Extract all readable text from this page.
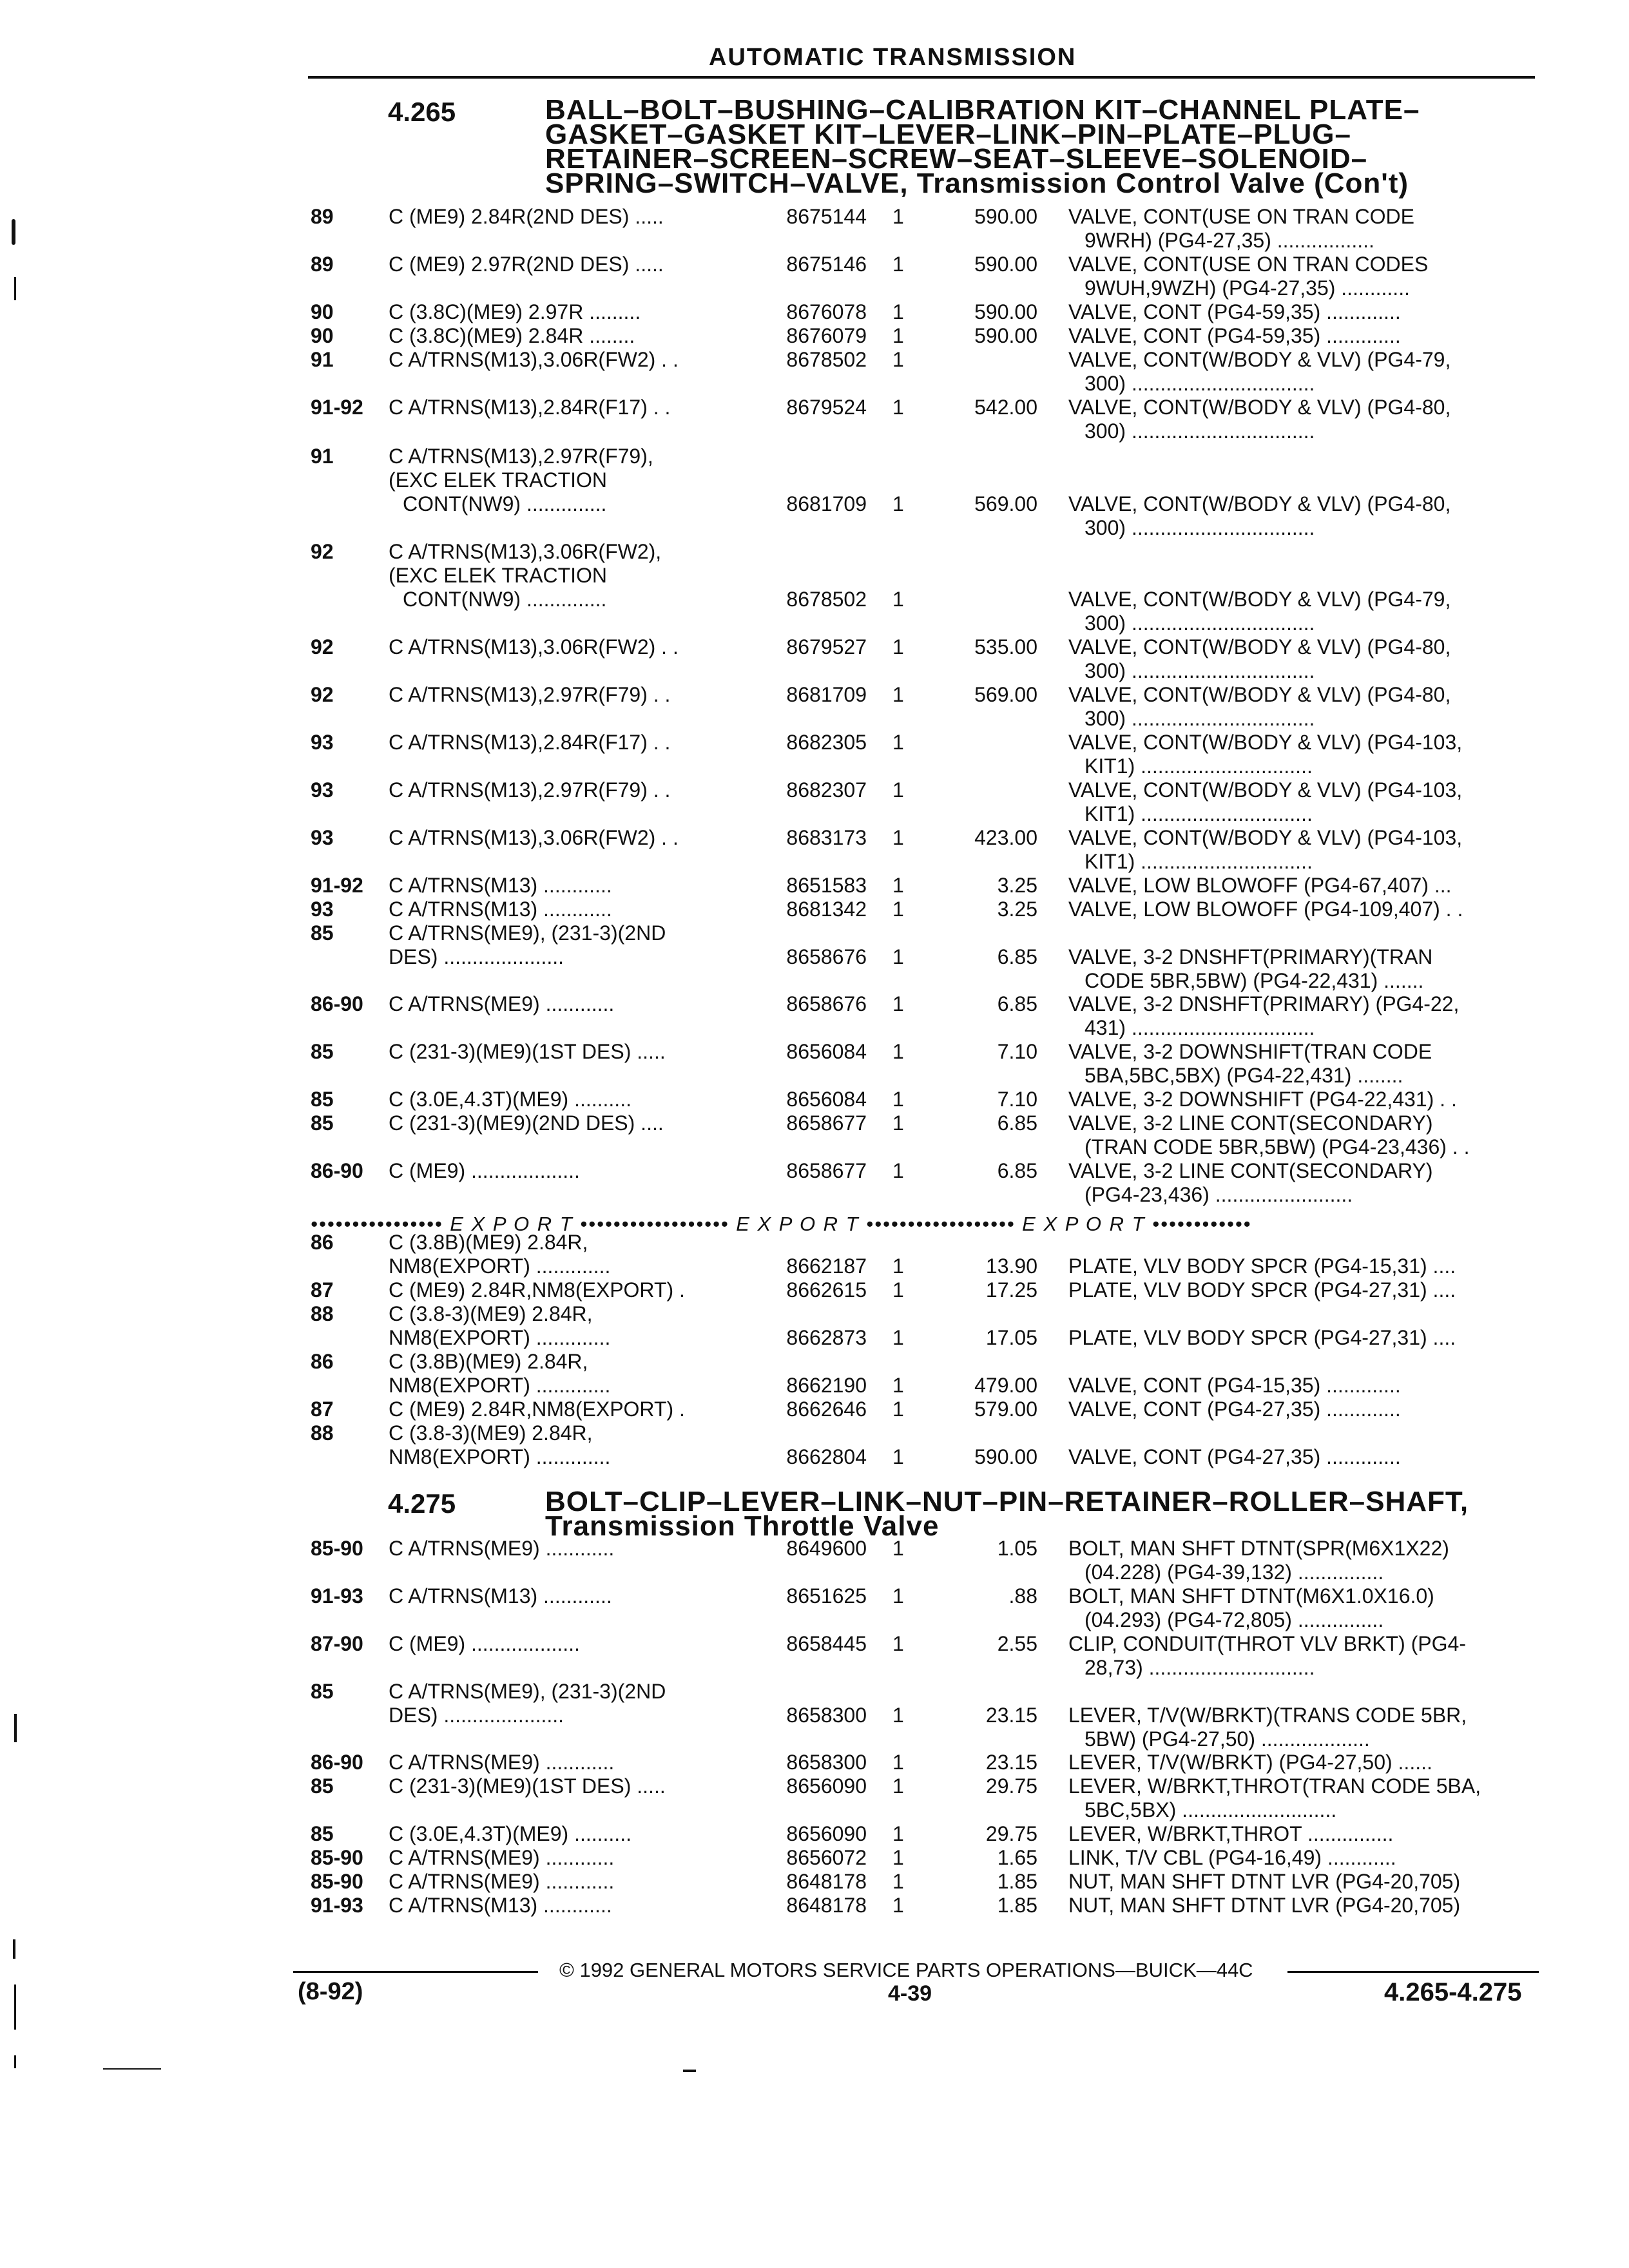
AUTOMATIC TRANSMISSION
4.265	BALL–BOLT–BUSHING–CALIBRATION KIT–CHANNEL PLATE–
GASKET–GASKET KIT–LEVER–LINK–PIN–PLATE–PLUG–
RETAINER–SCREEN–SCREW–SEAT–SLEEVE–SOLENOID–
SPRING–SWITCH–VALVE, Transmission Control Valve (Con't)
89	C (ME9) 2.84R(2ND DES) .....	8675144 1	590.00 VALVE, CONT(USE ON TRAN CODE
9WRH) (PG4-27,35) .................
89	C (ME9) 2.97R(2ND DES) .....	8675146 1	590.00 VALVE, CONT(USE ON TRAN CODES
9WUH,9WZH) (PG4-27,35) ............
90	C (3.8C)(ME9) 2.97R .........	8676078 1	590.00 VALVE, CONT (PG4-59,35) .............
90	C (3.8C)(ME9) 2.84R ........	8676079 1	590.00 VALVE, CONT (PG4-59,35) .............
91	C A/TRNS(M13),3.06R(FW2) . .	8678502 1	VALVE, CONT(W/BODY & VLV) (PG4-79,
300) ................................
91-92 C A/TRNS(M13),2.84R(F17) . .	8679524 1	542.00 VALVE, CONT(W/BODY & VLV) (PG4-80,
300) ................................
91	C A/TRNS(M13),2.97R(F79),
(EXC ELEK TRACTION
CONT(NW9) ..............	8681709 1	569.00 VALVE, CONT(W/BODY & VLV) (PG4-80,
300) ................................
92	C A/TRNS(M13),3.06R(FW2),
(EXC ELEK TRACTION
CONT(NW9) ..............	8678502 1	VALVE, CONT(W/BODY & VLV) (PG4-79,
300) ................................
92	C A/TRNS(M13),3.06R(FW2) . .	8679527 1	535.00 VALVE, CONT(W/BODY & VLV) (PG4-80,
300) ................................
92	C A/TRNS(M13),2.97R(F79) . .	8681709 1	569.00 VALVE, CONT(W/BODY & VLV) (PG4-80,
300) ................................
93	C A/TRNS(M13),2.84R(F17) . .	8682305 1	VALVE, CONT(W/BODY & VLV) (PG4-103,
KIT1) ..............................
93	C A/TRNS(M13),2.97R(F79) . .	8682307 1	VALVE, CONT(W/BODY & VLV) (PG4-103,
KIT1) ..............................
93	C A/TRNS(M13),3.06R(FW2) . .	8683173 1	423.00 VALVE, CONT(W/BODY & VLV) (PG4-103,
KIT1) ..............................
91-92 C A/TRNS(M13) ............	8651583 1	3.25 VALVE, LOW BLOWOFF (PG4-67,407) ...
93	C A/TRNS(M13) ............	8681342 1	3.25 VALVE, LOW BLOWOFF (PG4-109,407) . .
85	C A/TRNS(ME9), (231-3)(2ND
DES) .....................	8658676 1	6.85 VALVE, 3-2 DNSHFT(PRIMARY)(TRAN
CODE 5BR,5BW) (PG4-22,431) .......
86-90 C A/TRNS(ME9) ............	8658676 1	6.85 VALVE, 3-2 DNSHFT(PRIMARY) (PG4-22,
431) ................................
85	C (231-3)(ME9)(1ST DES) .....	8656084 1	7.10 VALVE, 3-2 DOWNSHIFT(TRAN CODE
5BA,5BC,5BX) (PG4-22,431) ........
85	C (3.0E,4.3T)(ME9) ..........	8656084 1	7.10 VALVE, 3-2 DOWNSHIFT (PG4-22,431) . .
85	C (231-3)(ME9)(2ND DES) ....	8658677 1	6.85 VALVE, 3-2 LINE CONT(SECONDARY)
(TRAN CODE 5BR,5BW) (PG4-23,436) . .
86-90 C (ME9) ...................	8658677 1	6.85 VALVE, 3-2 LINE CONT(SECONDARY)
(PG4-23,436) ........................
•••••••••••••••• E X P O R T •••••••••••••••••• E X P O R T •••••••••••••••••• E X P O R T ••••••••••••
86	C (3.8B)(ME9) 2.84R,
NM8(EXPORT) .............	8662187 1	13.90 PLATE, VLV BODY SPCR (PG4-15,31) ....
87	C (ME9) 2.84R,NM8(EXPORT) .	8662615 1	17.25 PLATE, VLV BODY SPCR (PG4-27,31) ....
88	C (3.8-3)(ME9) 2.84R,
NM8(EXPORT) .............	8662873 1	17.05 PLATE, VLV BODY SPCR (PG4-27,31) ....
86	C (3.8B)(ME9) 2.84R,
NM8(EXPORT) .............	8662190 1	479.00 VALVE, CONT (PG4-15,35) .............
87	C (ME9) 2.84R,NM8(EXPORT) .	8662646 1	579.00 VALVE, CONT (PG4-27,35) .............
88	C (3.8-3)(ME9) 2.84R,
NM8(EXPORT) .............	8662804 1	590.00 VALVE, CONT (PG4-27,35) .............
4.275	BOLT–CLIP–LEVER–LINK–NUT–PIN–RETAINER–ROLLER–SHAFT,
Transmission Throttle Valve
85-90 C A/TRNS(ME9) ............	8649600 1	1.05 BOLT, MAN SHFT DTNT(SPR(M6X1X22)
(04.228) (PG4-39,132) ...............
91-93 C A/TRNS(M13) ............	8651625 1	.88 BOLT, MAN SHFT DTNT(M6X1.0X16.0)
(04.293) (PG4-72,805) ...............
87-90 C (ME9) ...................	8658445 1	2.55 CLIP, CONDUIT(THROT VLV BRKT) (PG4-
28,73) .............................
85	C A/TRNS(ME9), (231-3)(2ND
DES) .....................	8658300 1	23.15 LEVER, T/V(W/BRKT)(TRANS CODE 5BR,
5BW) (PG4-27,50) ...................
86-90 C A/TRNS(ME9) ............	8658300 1	23.15 LEVER, T/V(W/BRKT) (PG4-27,50) ......
85	C (231-3)(ME9)(1ST DES) .....	8656090 1	29.75 LEVER, W/BRKT,THROT(TRAN CODE 5BA,
5BC,5BX) ...........................
85	C (3.0E,4.3T)(ME9) ..........	8656090 1	29.75 LEVER, W/BRKT,THROT ...............
85-90 C A/TRNS(ME9) ............	8656072 1	1.65 LINK, T/V CBL (PG4-16,49) ............
85-90 C A/TRNS(ME9) ............	8648178 1	1.85 NUT, MAN SHFT DTNT LVR (PG4-20,705)
91-93 C A/TRNS(M13) ............	8648178 1	1.85 NUT, MAN SHFT DTNT LVR (PG4-20,705)
© 1992 GENERAL MOTORS SERVICE PARTS OPERATIONS—BUICK—44C
(8-92)	4-39	4.265-4.275
